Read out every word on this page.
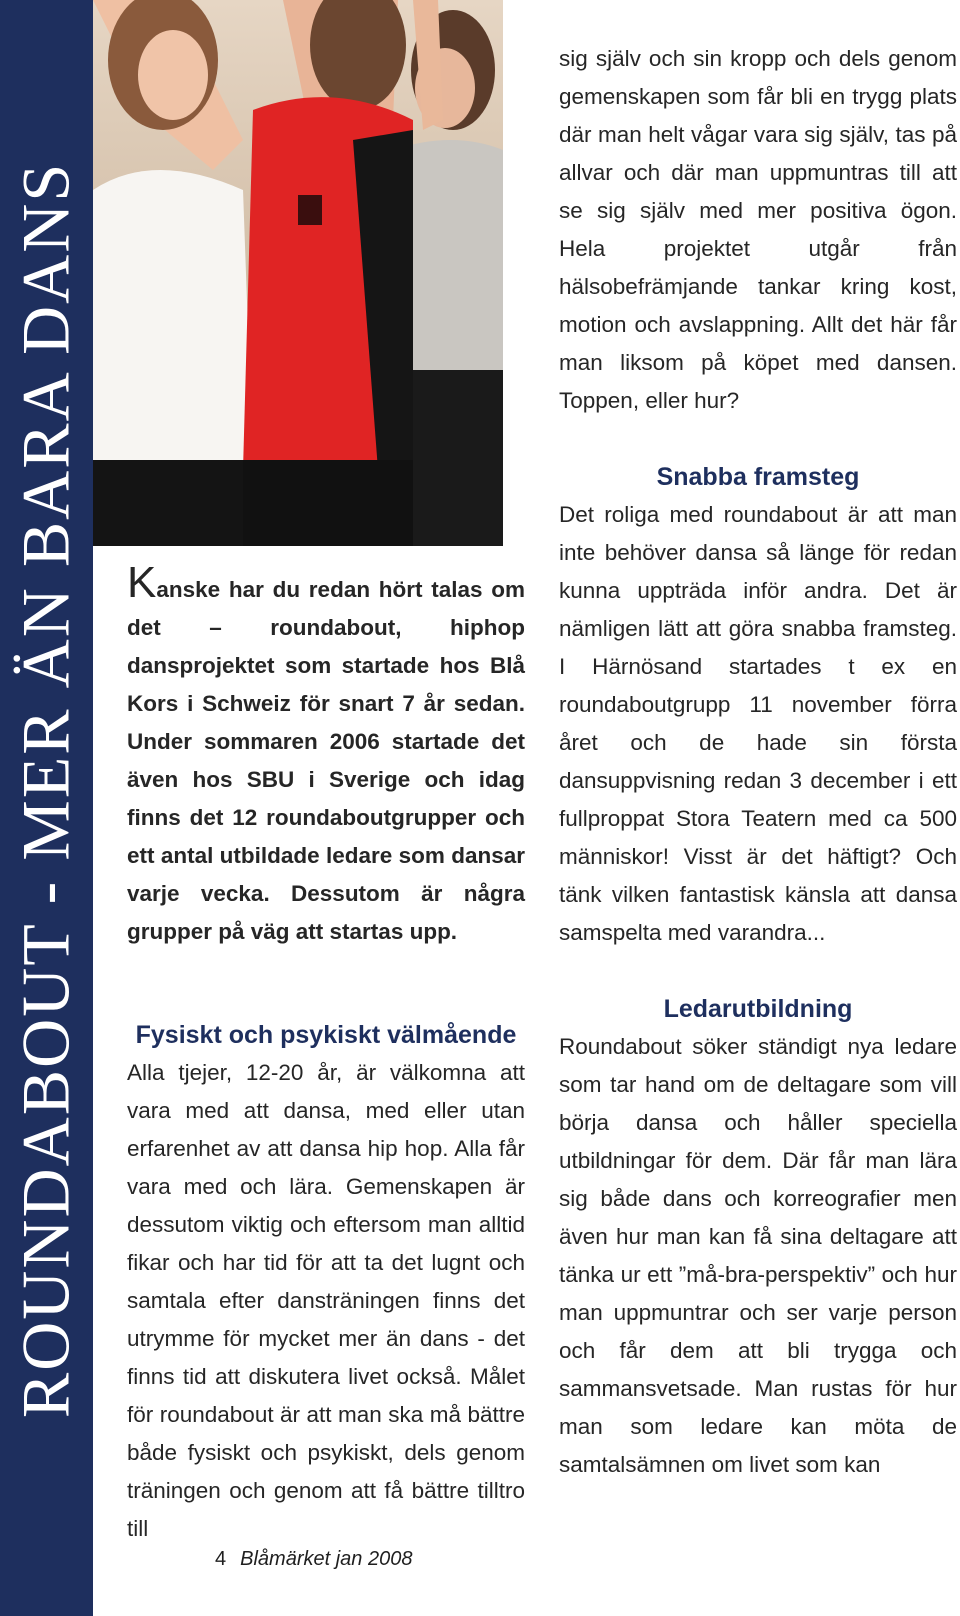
ROUNDABOUT - MER ÄN BARA DANS Kanske har du redan hört talas om det – roundabout, hiphop dansprojektet som startade hos Blå Kors i Schweiz för snart 7 år sedan. Under sommaren 2006 startade det även hos SBU i Sverige och idag finns det 12 roundaboutgrupper och ett antal utbildade ledare som dansar varje vecka. Dessutom är några grupper på väg att startas upp.

Fysiskt och psykiskt välmående

Alla tjejer, 12-20 år, är välkomna att vara med att dansa, med eller utan erfarenhet av att dansa hip hop. Alla får vara med och lära. Gemenskapen är dessutom viktig och eftersom man alltid fikar och har tid för att ta det lugnt och samtala efter dansträningen finns det utrymme för mycket mer än dans - det finns tid att diskutera livet också. Målet för roundabout är att man ska må bättre både fysiskt och psykiskt, dels genom träningen och genom att få bättre tilltro till

sig själv och sin kropp och dels genom gemenskapen som får bli en trygg plats där man helt vågar vara sig själv, tas på allvar och där man uppmuntras till att se sig själv med mer positiva ögon. Hela projektet utgår från hälsobefrämjande tankar kring kost, motion och avslappning. Allt det här får man liksom på köpet med dansen. Toppen, eller hur?

Snabba framsteg

Det roliga med roundabout är att man inte behöver dansa så länge för redan kunna uppträda inför andra. Det är nämligen lätt att göra snabba framsteg. I Härnösand startades t ex en roundaboutgrupp 11 november förra året och de hade sin första dansuppvisning redan 3 december i ett fullproppat Stora Teatern med ca 500 människor! Visst är det häftigt? Och tänk vilken fantastisk känsla att dansa samspelta med varandra...

Ledarutbildning

Roundabout söker ständigt nya ledare som tar hand om de deltagare som vill börja dansa och håller speciella utbildningar för dem. Där får man lära sig både dans och korreografier men även hur man kan få sina deltagare att tänka ur ett ”må-bra-perspektiv” och hur man uppmuntrar och ser varje person och får dem att bli trygga och sammansvetsade. Man rustas för hur man som ledare kan möta de samtalsämnen om livet som kan

4 Blåmärket jan 2008
